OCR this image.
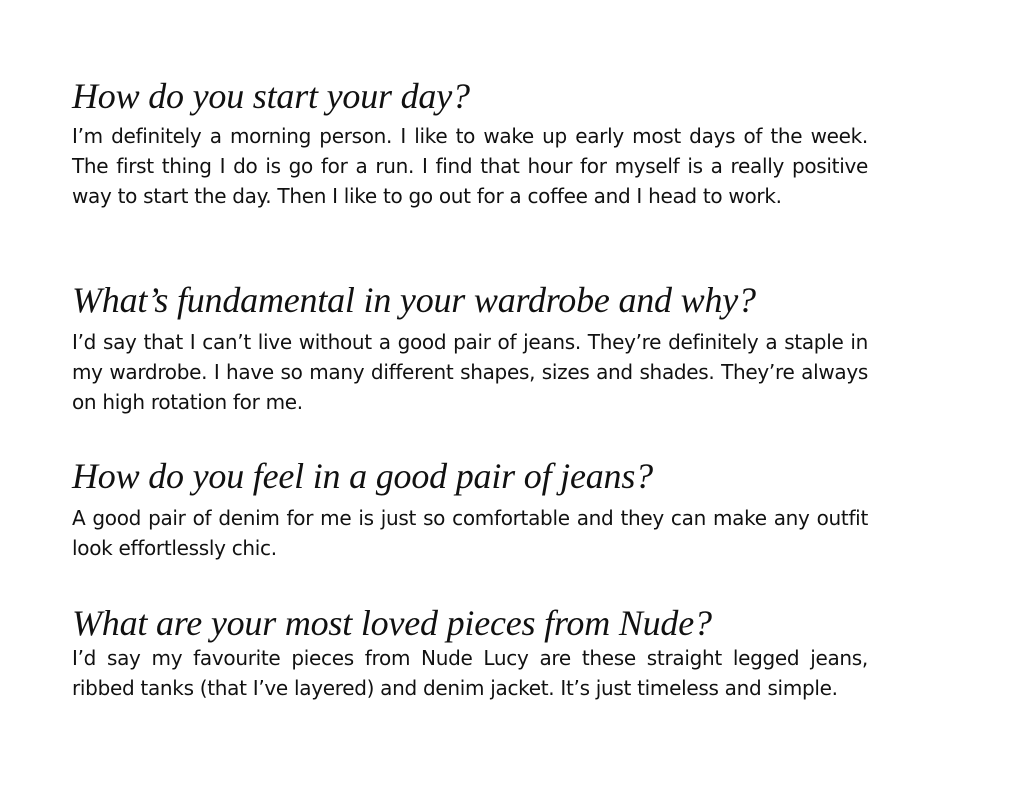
How do you start your day?

I’m definitely a morning person. I like to wake up early most days of the week. The first thing I do is go for a run. I find that hour for myself is a really positive way to start the day. Then I like to go out for a coffee and I head to work.

What’s fundamental in your wardrobe and why?

I’d say that I can’t live without a good pair of jeans. They’re definitely a staple in my wardrobe. I have so many different shapes, sizes and shades. They’re always on high rotation for me.

How do you feel in a good pair of jeans?

A good pair of denim for me is just so comfortable and they can make any outfit look effortlessly chic.

What are your most loved pieces from Nude?

I’d say my favourite pieces from Nude Lucy are these straight legged jeans, ribbed tanks (that I’ve layered) and denim jacket. It’s just timeless and simple.
